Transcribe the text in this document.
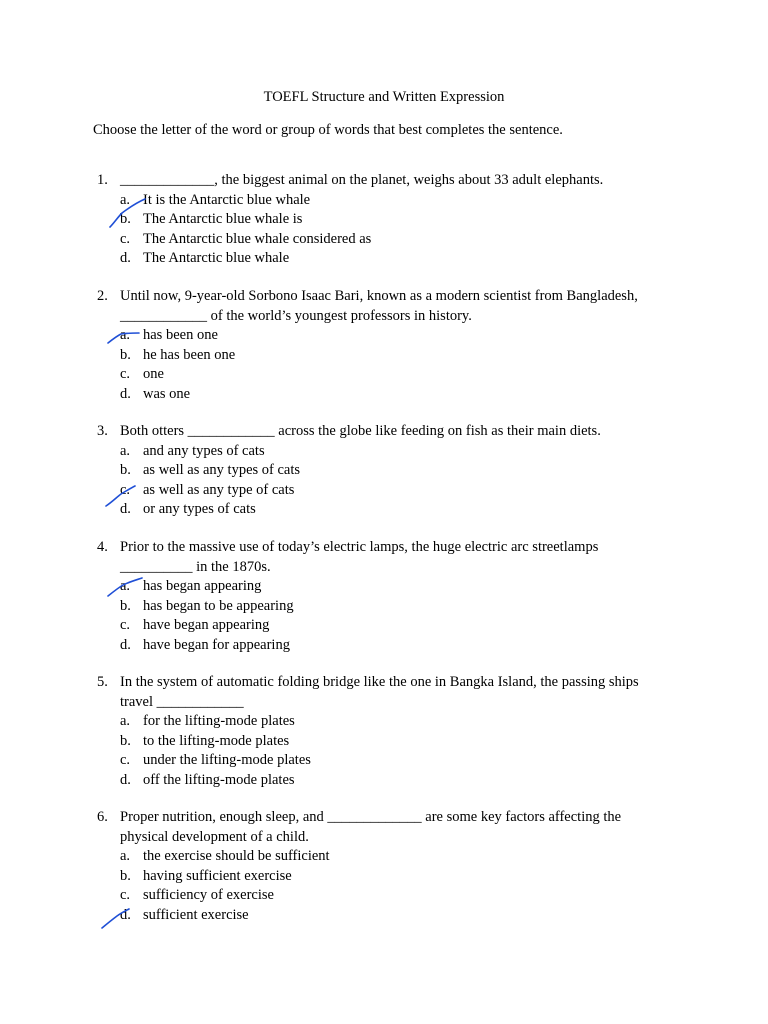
TOEFL Structure and Written Expression
Choose the letter of the word or group of words that best completes the sentence.
1. _____________, the biggest animal on the planet, weighs about 33 adult elephants.
a. It is the Antarctic blue whale
b. The Antarctic blue whale is
c. The Antarctic blue whale considered as
d. The Antarctic blue whale
2. Until now, 9-year-old Sorbono Isaac Bari, known as a modern scientist from Bangladesh,
____________ of the world’s youngest professors in history.
a. has been one
b. he has been one
c. one
d. was one
3. Both otters ____________ across the globe like feeding on fish as their main diets.
a. and any types of cats
b. as well as any types of cats
c. as well as any type of cats
d. or any types of cats
4. Prior to the massive use of today’s electric lamps, the huge electric arc streetlamps
__________ in the 1870s.
a. has began appearing
b. has began to be appearing
c. have began appearing
d. have began for appearing
5. In the system of automatic folding bridge like the one in Bangka Island, the passing ships
travel ____________
a. for the lifting-mode plates
b. to the lifting-mode plates
c. under the lifting-mode plates
d. off the lifting-mode plates
6. Proper nutrition, enough sleep, and _____________ are some key factors affecting the
physical development of a child.
a. the exercise should be sufficient
b. having sufficient exercise
c. sufficiency of exercise
d. sufficient exercise
